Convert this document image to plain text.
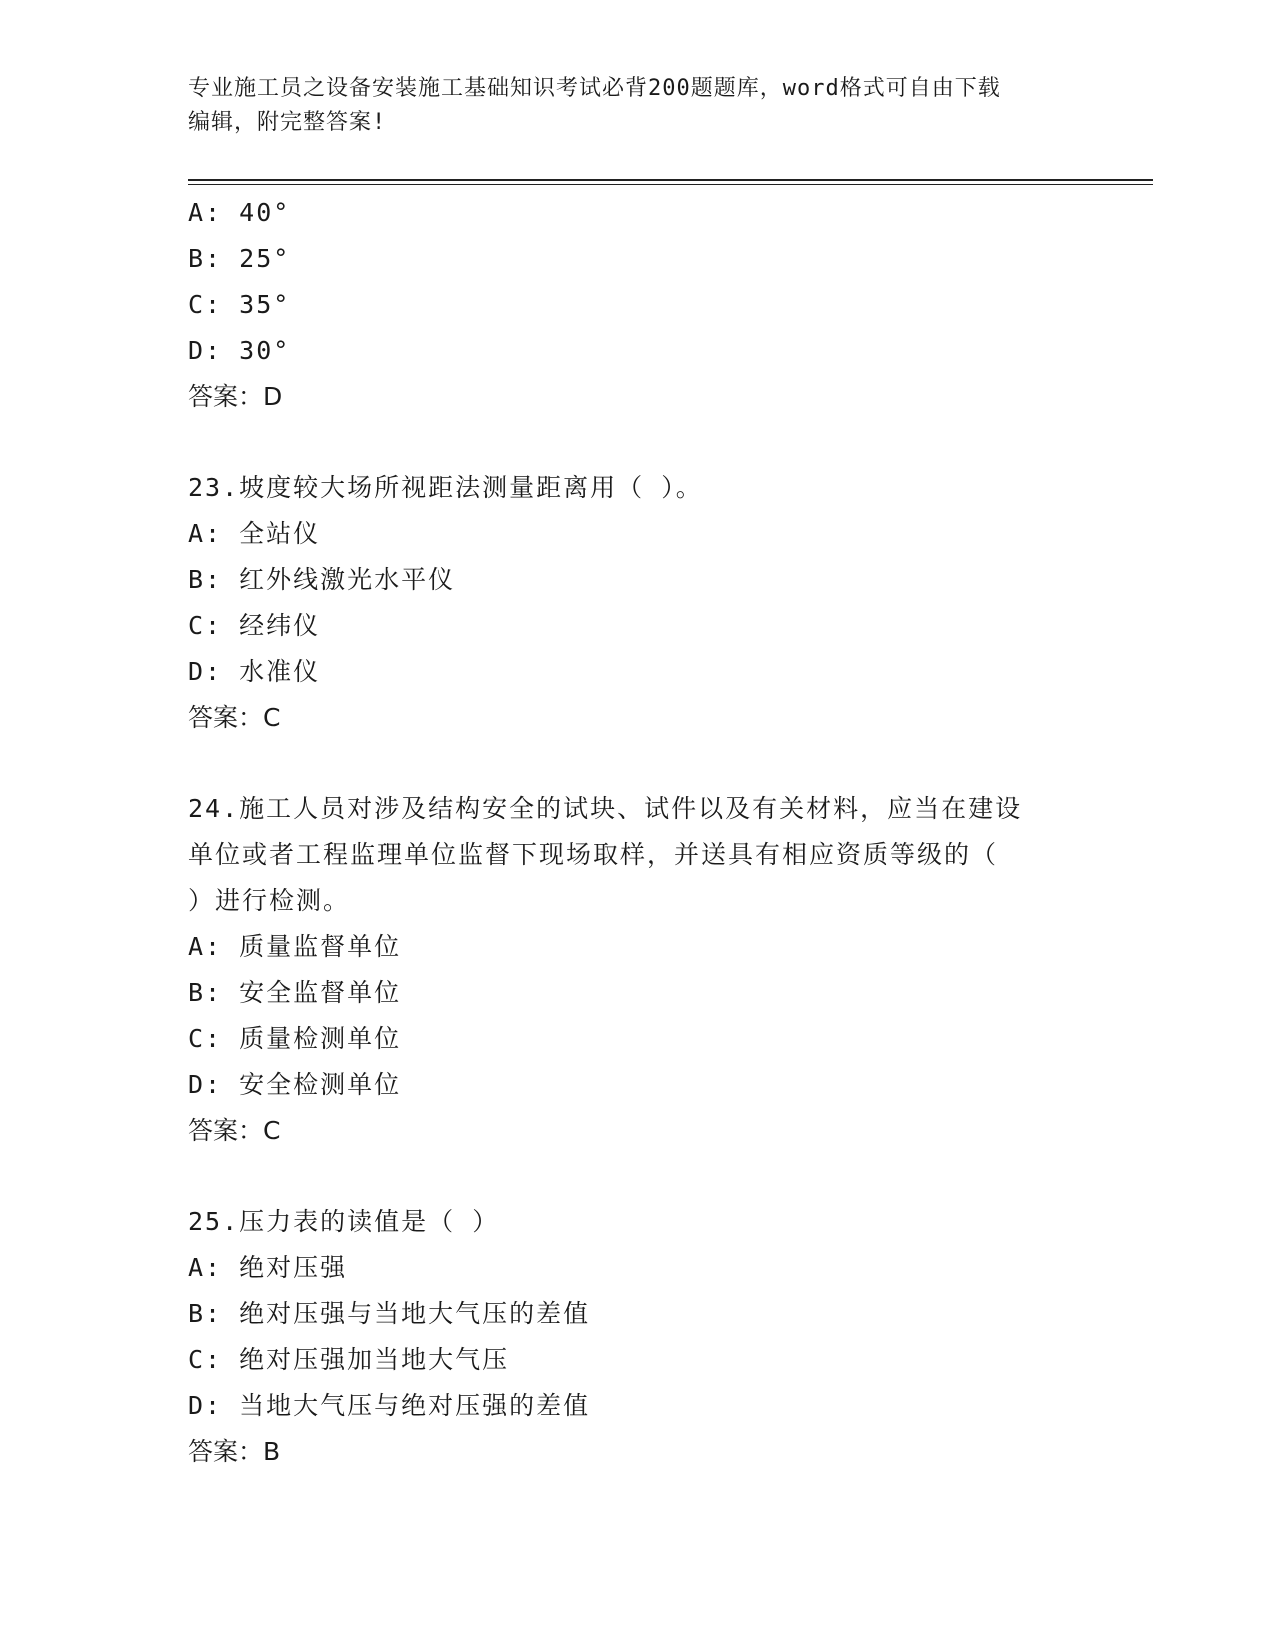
专业施工员之设备安装施工基础知识考试必背200题题库，word格式可自由下载
编辑，附完整答案!
A: 40°
B: 25°
C: 35°
D: 30°
答案：D
23.坡度较大场所视距法测量距离用（ ）。
A: 全站仪
B: 红外线激光水平仪
C: 经纬仪
D: 水准仪
答案：C
24.施工人员对涉及结构安全的试块、试件以及有关材料，应当在建设
单位或者工程监理单位监督下现场取样，并送具有相应资质等级的（
）进行检测。
A: 质量监督单位
B: 安全监督单位
C: 质量检测单位
D: 安全检测单位
答案：C
25.压力表的读值是（ ）
A: 绝对压强
B: 绝对压强与当地大气压的差值
C: 绝对压强加当地大气压
D: 当地大气压与绝对压强的差值
答案：B
